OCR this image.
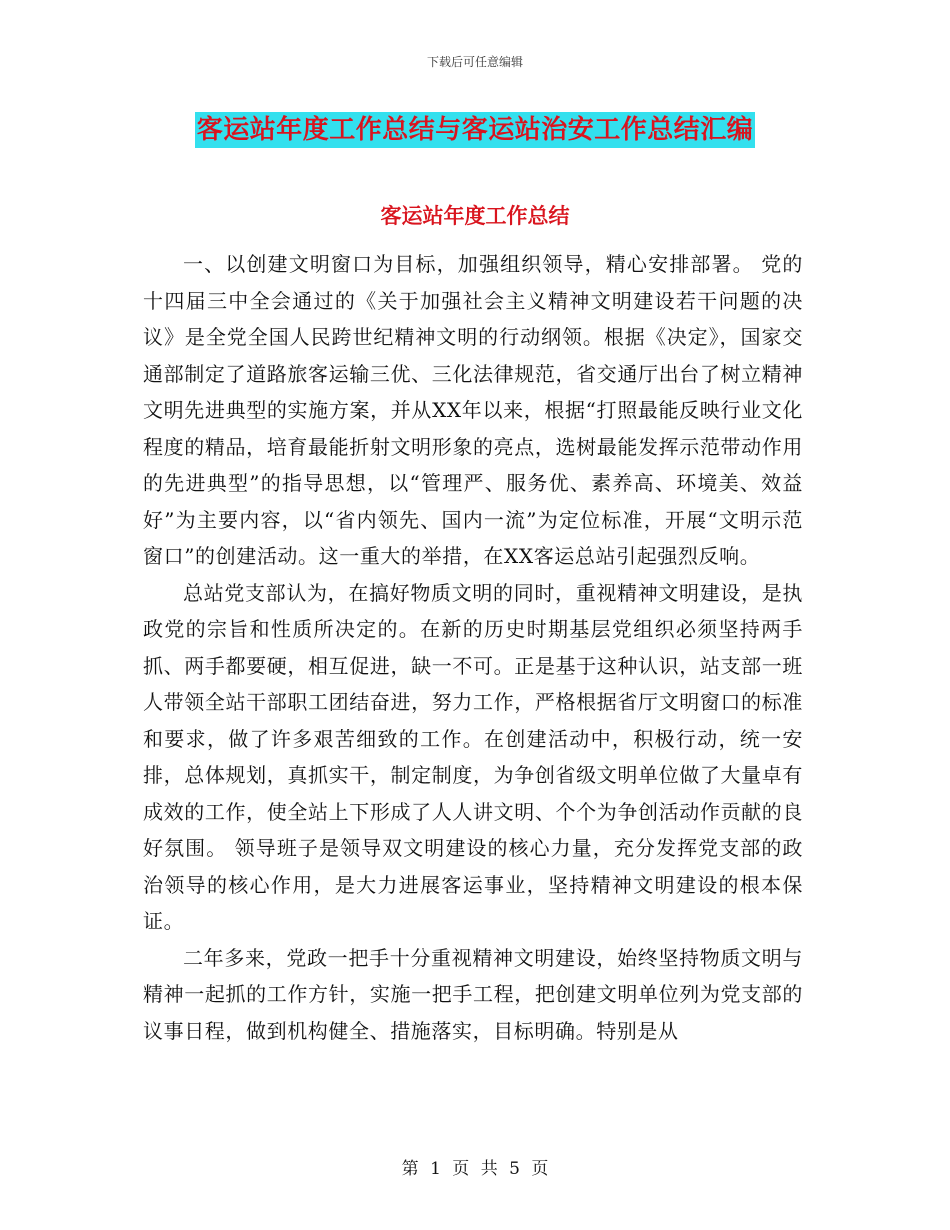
下载后可任意编辑
客运站年度工作总结与客运站治安工作总结汇编
客运站年度工作总结

一、以创建文明窗口为目标，加强组织领导，精心安排部署。 党的十四届三中全会通过的《关于加强社会主义精神文明建设若干问题的决议》是全党全国人民跨世纪精神文明的行动纲领。根据《决定》，国家交通部制定了道路旅客运输三优、三化法律规范，省交通厅出台了树立精神文明先进典型的实施方案，并从XX年以来，根据“打照最能反映行业文化程度的精品，培育最能折射文明形象的亮点，选树最能发挥示范带动作用的先进典型”的指导思想，以“管理严、服务优、素养高、环境美、效益好”为主要内容，以“省内领先、国内一流”为定位标准，开展“文明示范窗口”的创建活动。这一重大的举措，在XX客运总站引起强烈反响。

总站党支部认为，在搞好物质文明的同时，重视精神文明建设，是执政党的宗旨和性质所决定的。在新的历史时期基层党组织必须坚持两手抓、两手都要硬，相互促进，缺一不可。正是基于这种认识，站支部一班人带领全站干部职工团结奋进，努力工作，严格根据省厅文明窗口的标准和要求，做了许多艰苦细致的工作。在创建活动中，积极行动，统一安排，总体规划，真抓实干，制定制度，为争创省级文明单位做了大量卓有成效的工作，使全站上下形成了人人讲文明、个个为争创活动作贡献的良好氛围。 领导班子是领导双文明建设的核心力量，充分发挥党支部的政治领导的核心作用，是大力进展客运事业，坚持精神文明建设的根本保证。

二年多来，党政一把手十分重视精神文明建设，始终坚持物质文明与精神一起抓的工作方针，实施一把手工程，把创建文明单位列为党支部的议事日程，做到机构健全、措施落实，目标明确。特别是从

第 1 页 共 5 页
